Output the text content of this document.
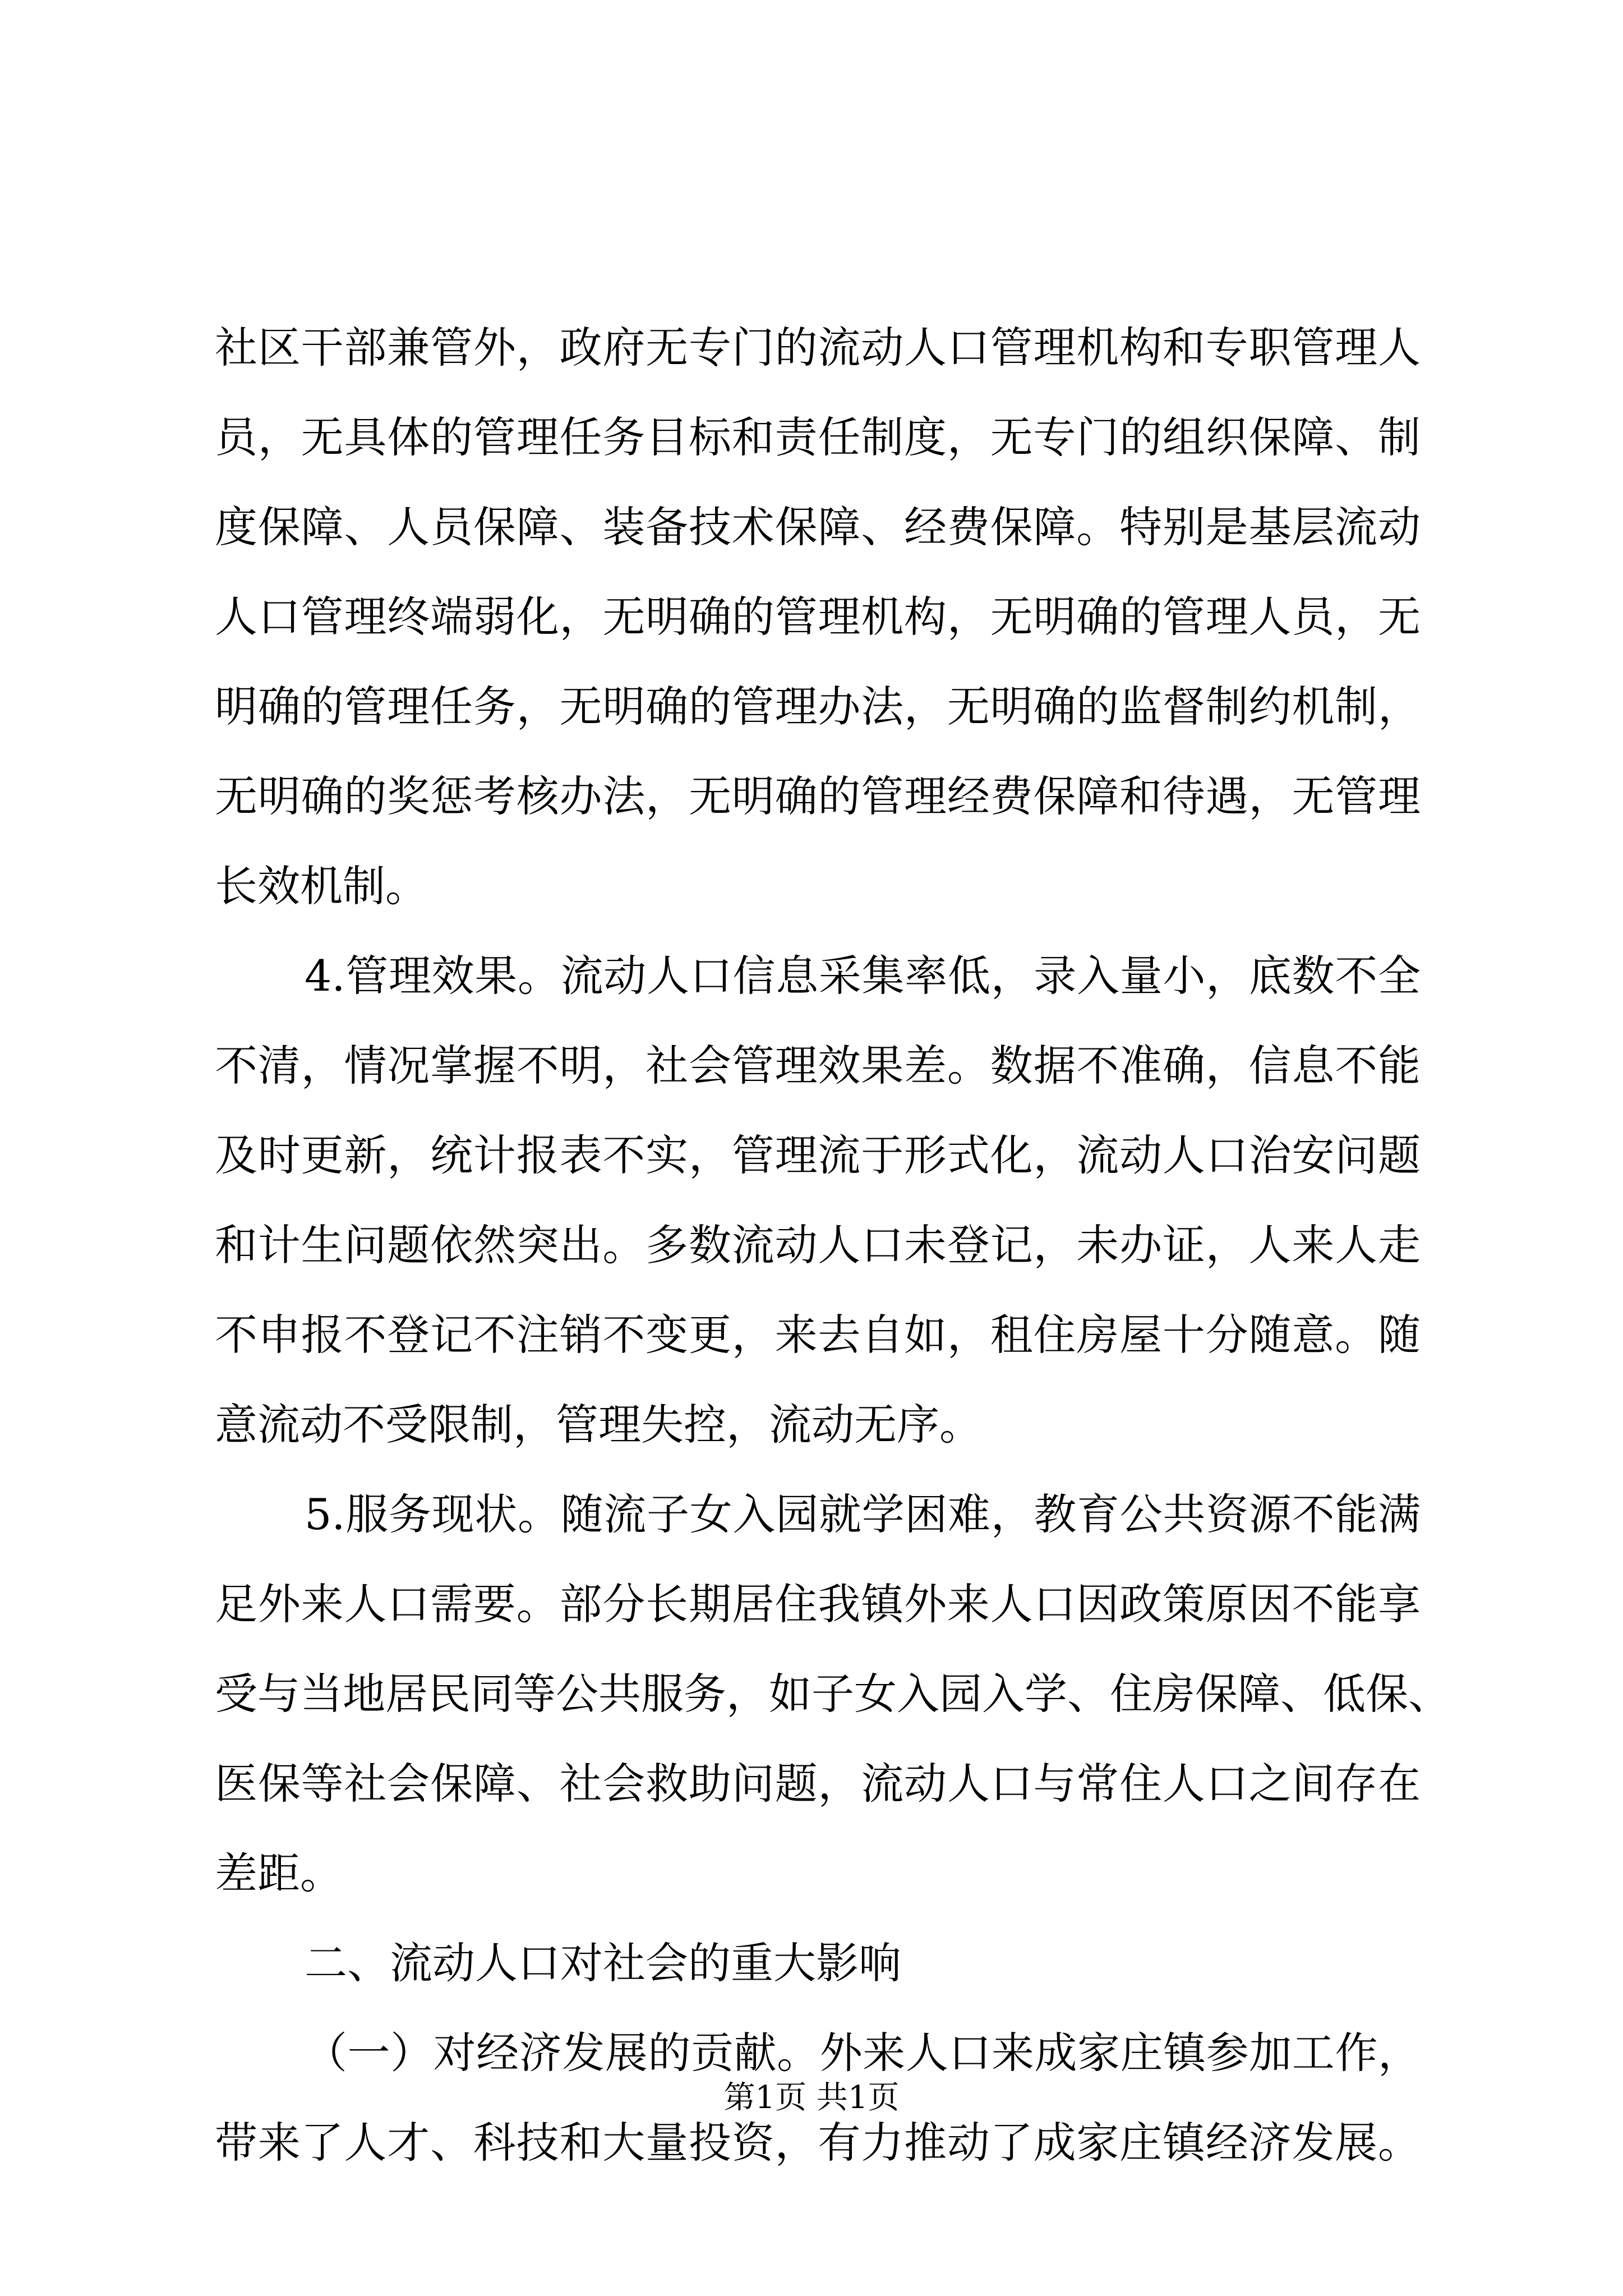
社区干部兼管外，政府无专门的流动人口管理机构和专职管理人
员，无具体的管理任务目标和责任制度，无专门的组织保障、制
度保障、人员保障、装备技术保障、经费保障。特别是基层流动
人口管理终端弱化，无明确的管理机构，无明确的管理人员，无
明确的管理任务，无明确的管理办法，无明确的监督制约机制，
无明确的奖惩考核办法，无明确的管理经费保障和待遇，无管理
长效机制。
4.管理效果。流动人口信息采集率低，录入量小，底数不全
不清，情况掌握不明，社会管理效果差。数据不准确，信息不能
及时更新，统计报表不实，管理流于形式化，流动人口治安问题
和计生问题依然突出。多数流动人口未登记，未办证，人来人走
不申报不登记不注销不变更，来去自如，租住房屋十分随意。随
意流动不受限制，管理失控，流动无序。
5.服务现状。随流子女入园就学困难，教育公共资源不能满
足外来人口需要。部分长期居住我镇外来人口因政策原因不能享
受与当地居民同等公共服务，如子女入园入学、住房保障、低保、
医保等社会保障、社会救助问题，流动人口与常住人口之间存在
差距。
二、流动人口对社会的重大影响
（一）对经济发展的贡献。外来人口来成家庄镇参加工作，
带来了人才、科技和大量投资，有力推动了成家庄镇经济发展。
第1页 共1页
